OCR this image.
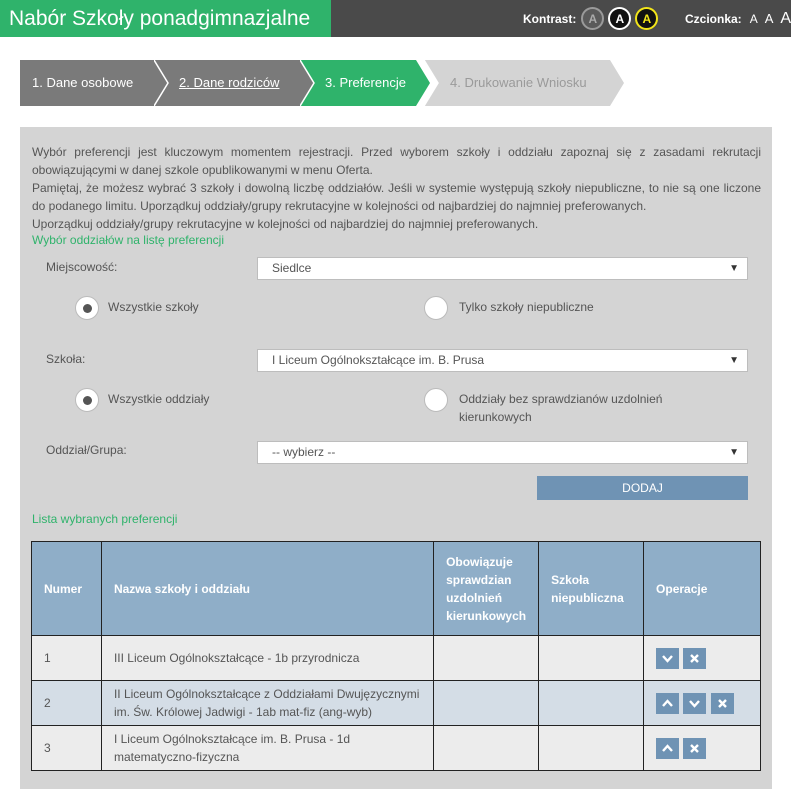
Nabór Szkoły ponadgimnazjalne	Kontrast:	A	A	A	Czcionka: A A A
1. Dane osobowe	2. Dane rodziców	3. Preferencje	4. Drukowanie Wniosku

Wybór preferencji jest kluczowym momentem rejestracji. Przed wyborem szkoły i oddziału zapoznaj się z zasadami rekrutacji obowiązującymi w danej szkole opublikowanymi w menu Oferta.

Pamiętaj, że możesz wybrać 3 szkoły i dowolną liczbę oddziałów. Jeśli w systemie występują szkoły niepubliczne, to nie są one liczone do podanego limitu. Uporządkuj oddziały/grupy rekrutacyjne w kolejności od najbardziej do najmniej preferowanych.

Uporządkuj oddziały/grupy rekrutacyjne w kolejności od najbardziej do najmniej preferowanych.

Wybór oddziałów na listę preferencji
Miejscowość:	Siedlce	▼
Wszystkie szkoły	Tylko szkoły niepubliczne
Szkoła:	I Liceum Ogólnokształcące im. B. Prusa	▼
Wszystkie oddziały	Oddziały bez sprawdzianów uzdolnień kierunkowych
Oddział/Grupa:	-- wybierz --	▼
DODAJ
Lista wybranych preferencji
Numer	Nazwa szkoły i oddziału	Obowiązuje sprawdzian uzdolnień kierunkowych	Szkoła niepubliczna	Operacje
1	III Liceum Ogólnokształcące - 1b przyrodnicza			

2	II Liceum Ogólnokształcące z Oddziałami Dwujęzycznymi im. Św. Królowej Jadwigi - 1ab mat-fiz (ang-wyb)			

3	I Liceum Ogólnokształcące im. B. Prusa - 1d matematyczno-fizyczna			
